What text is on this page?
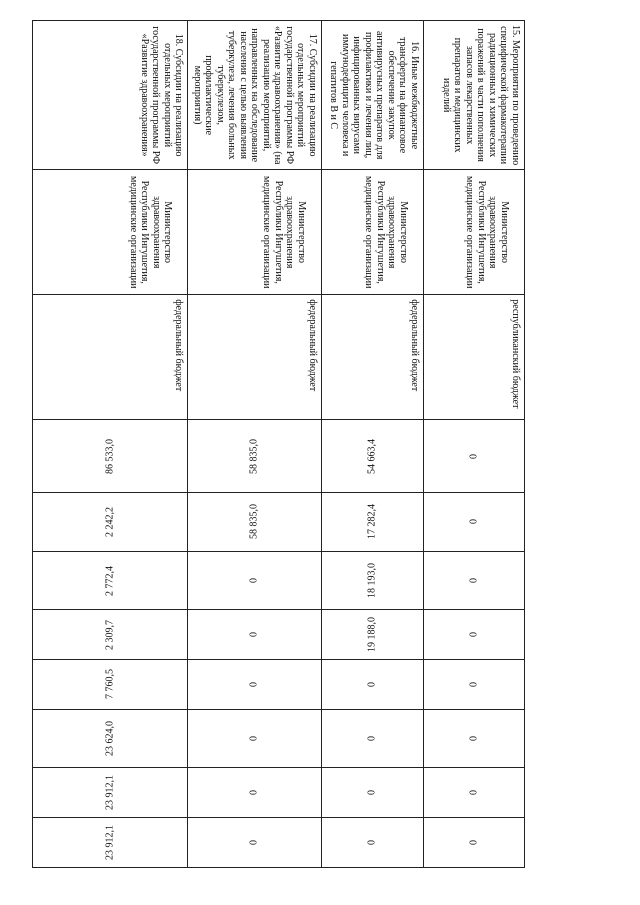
15. Мероприятия по проведению специфической фармакотерапии радиационных и химических поражений в части пополнения запасов лекарственных препаратов и медицинских изделий	Министерство здравоохранения Республики Ингушетия, медицинские организации	республиканский бюджет	0	0	0	0	0	0	0	0
16. Иные межбюджетные трансферты на финансовое обеспечение закупок антивирусных препаратов для профилактики и лечения лиц, инфицированных вирусами иммунодефицита человека и гепатитов В и С	Министерство здравоохранения Республики Ингушетия, медицинские организации	федеральный бюджет	54 663,4	17 282,4	18 193,0	19 188,0	0	0	0	0
17. Субсидии на реализацию отдельных мероприятий государственной программы РФ «Развитие здравоохранения» (на реализацию мероприятий, направленных на обследование населения с целью выявления туберкулеза, лечения больных туберкулезом, профилактические мероприятия)	Министерство здравоохранения Республики Ингушетия, медицинские организации	федеральный бюджет	58 835,0	58 835,0	0	0	0	0	0	0
18. Субсидии на реализацию отдельных мероприятий государственной программы РФ «Развитие здравоохранения»	Министерство здравоохранения Республики Ингушетия, медицинские организации	федеральный бюджет	86 533,0	2 242,2	2 772,4	2 309,7	7 760,5	23 624,0	23 912,1	23 912,1
